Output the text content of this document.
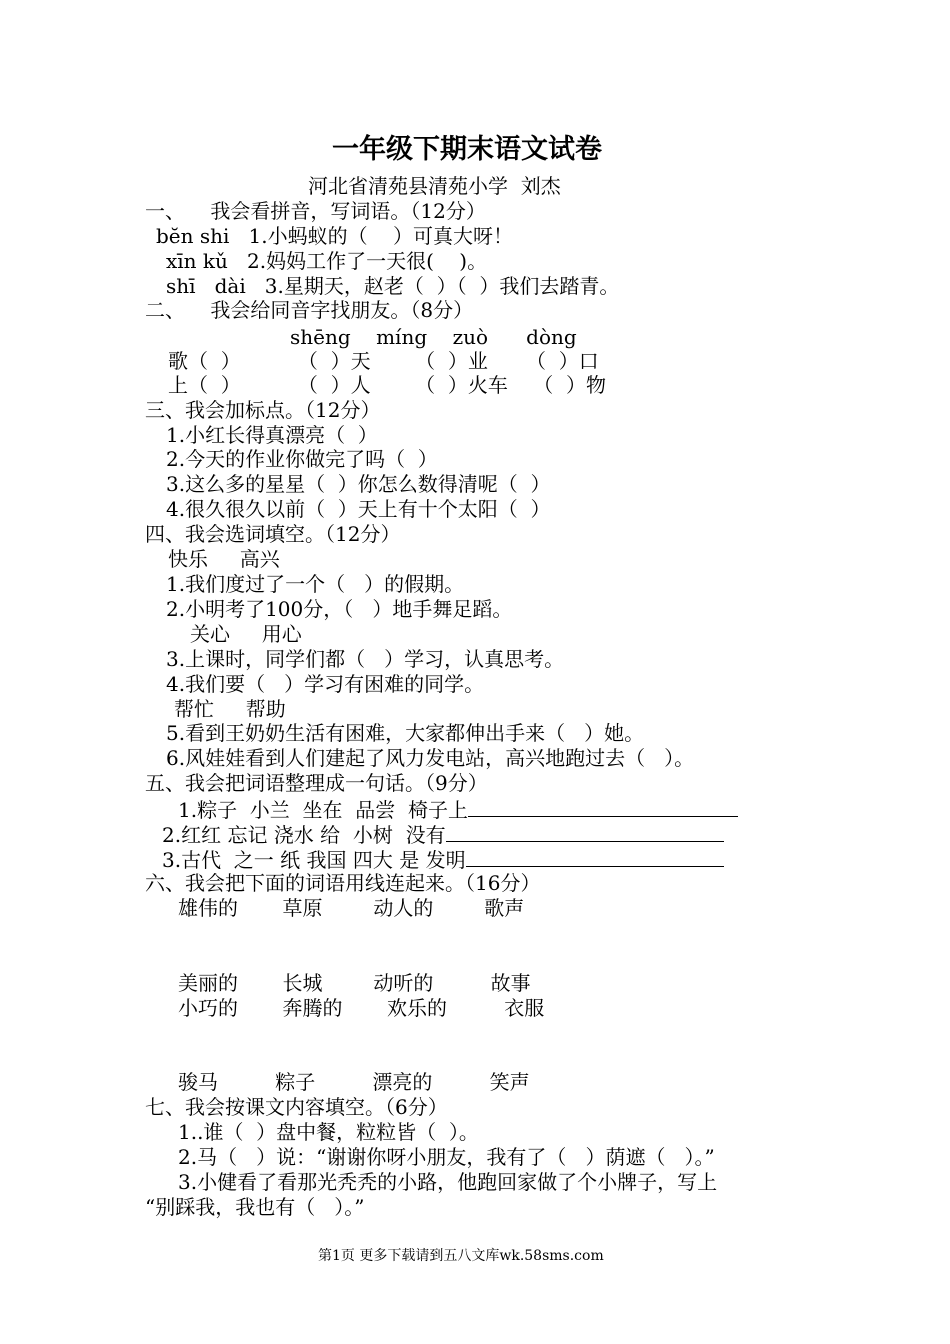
一年级下期末语文试卷
河北省清苑县清苑小学  刘杰
一、    我会看拼音，写词语。（12分）
bĕn shi   1.小蚂蚁的（    ）可真大呀！
xīn kǔ   2.妈妈工作了一天很(    )。
shī   dài   3.星期天，赵老（  ）（  ）我们去踏青。
二、    我会给同音字找朋友。（8分）
shēng    míng    zuò      dòng
歌（  ）         （  ）天       （  ）业      （  ）口
上（  ）         （  ）人       （  ）火车    （  ）物
三、我会加标点。（12分）
1.小红长得真漂亮（  ）
2.今天的作业你做完了吗（  ）
3.这么多的星星（  ）你怎么数得清呢（  ）
4.很久很久以前（  ）天上有十个太阳（  ）
四、我会选词填空。（12分）
快乐     高兴
1.我们度过了一个（   ）的假期。
2.小明考了100分，（   ）地手舞足蹈。
关心     用心
3.上课时，同学们都（   ）学习，认真思考。
4.我们要（   ）学习有困难的同学。
帮忙     帮助
5.看到王奶奶生活有困难，大家都伸出手来（   ）她。
6.风娃娃看到人们建起了风力发电站，高兴地跑过去（   ）。
五、我会把词语整理成一句话。（9分）
1.粽子  小兰  坐在  品尝  椅子上
2.红红 忘记 浇水 给  小树  没有
3.古代  之一 纸 我国 四大 是 发明
六、我会把下面的词语用线连起来。（16分）
雄伟的       草原        动人的        歌声
美丽的       长城        动听的         故事
小巧的       奔腾的       欢乐的         衣服
骏马         粽子         漂亮的         笑声
七、我会按课文内容填空。（6分）
1..谁（  ）盘中餐，粒粒皆（  ）。
2.马（   ）说：“谢谢你呀小朋友，我有了（   ）荫遮（   ）。”
3.小健看了看那光秃秃的小路，他跑回家做了个小牌子，写上
“别踩我，我也有（   ）。”
第1页 更多下载请到五八文库wk.58sms.com
